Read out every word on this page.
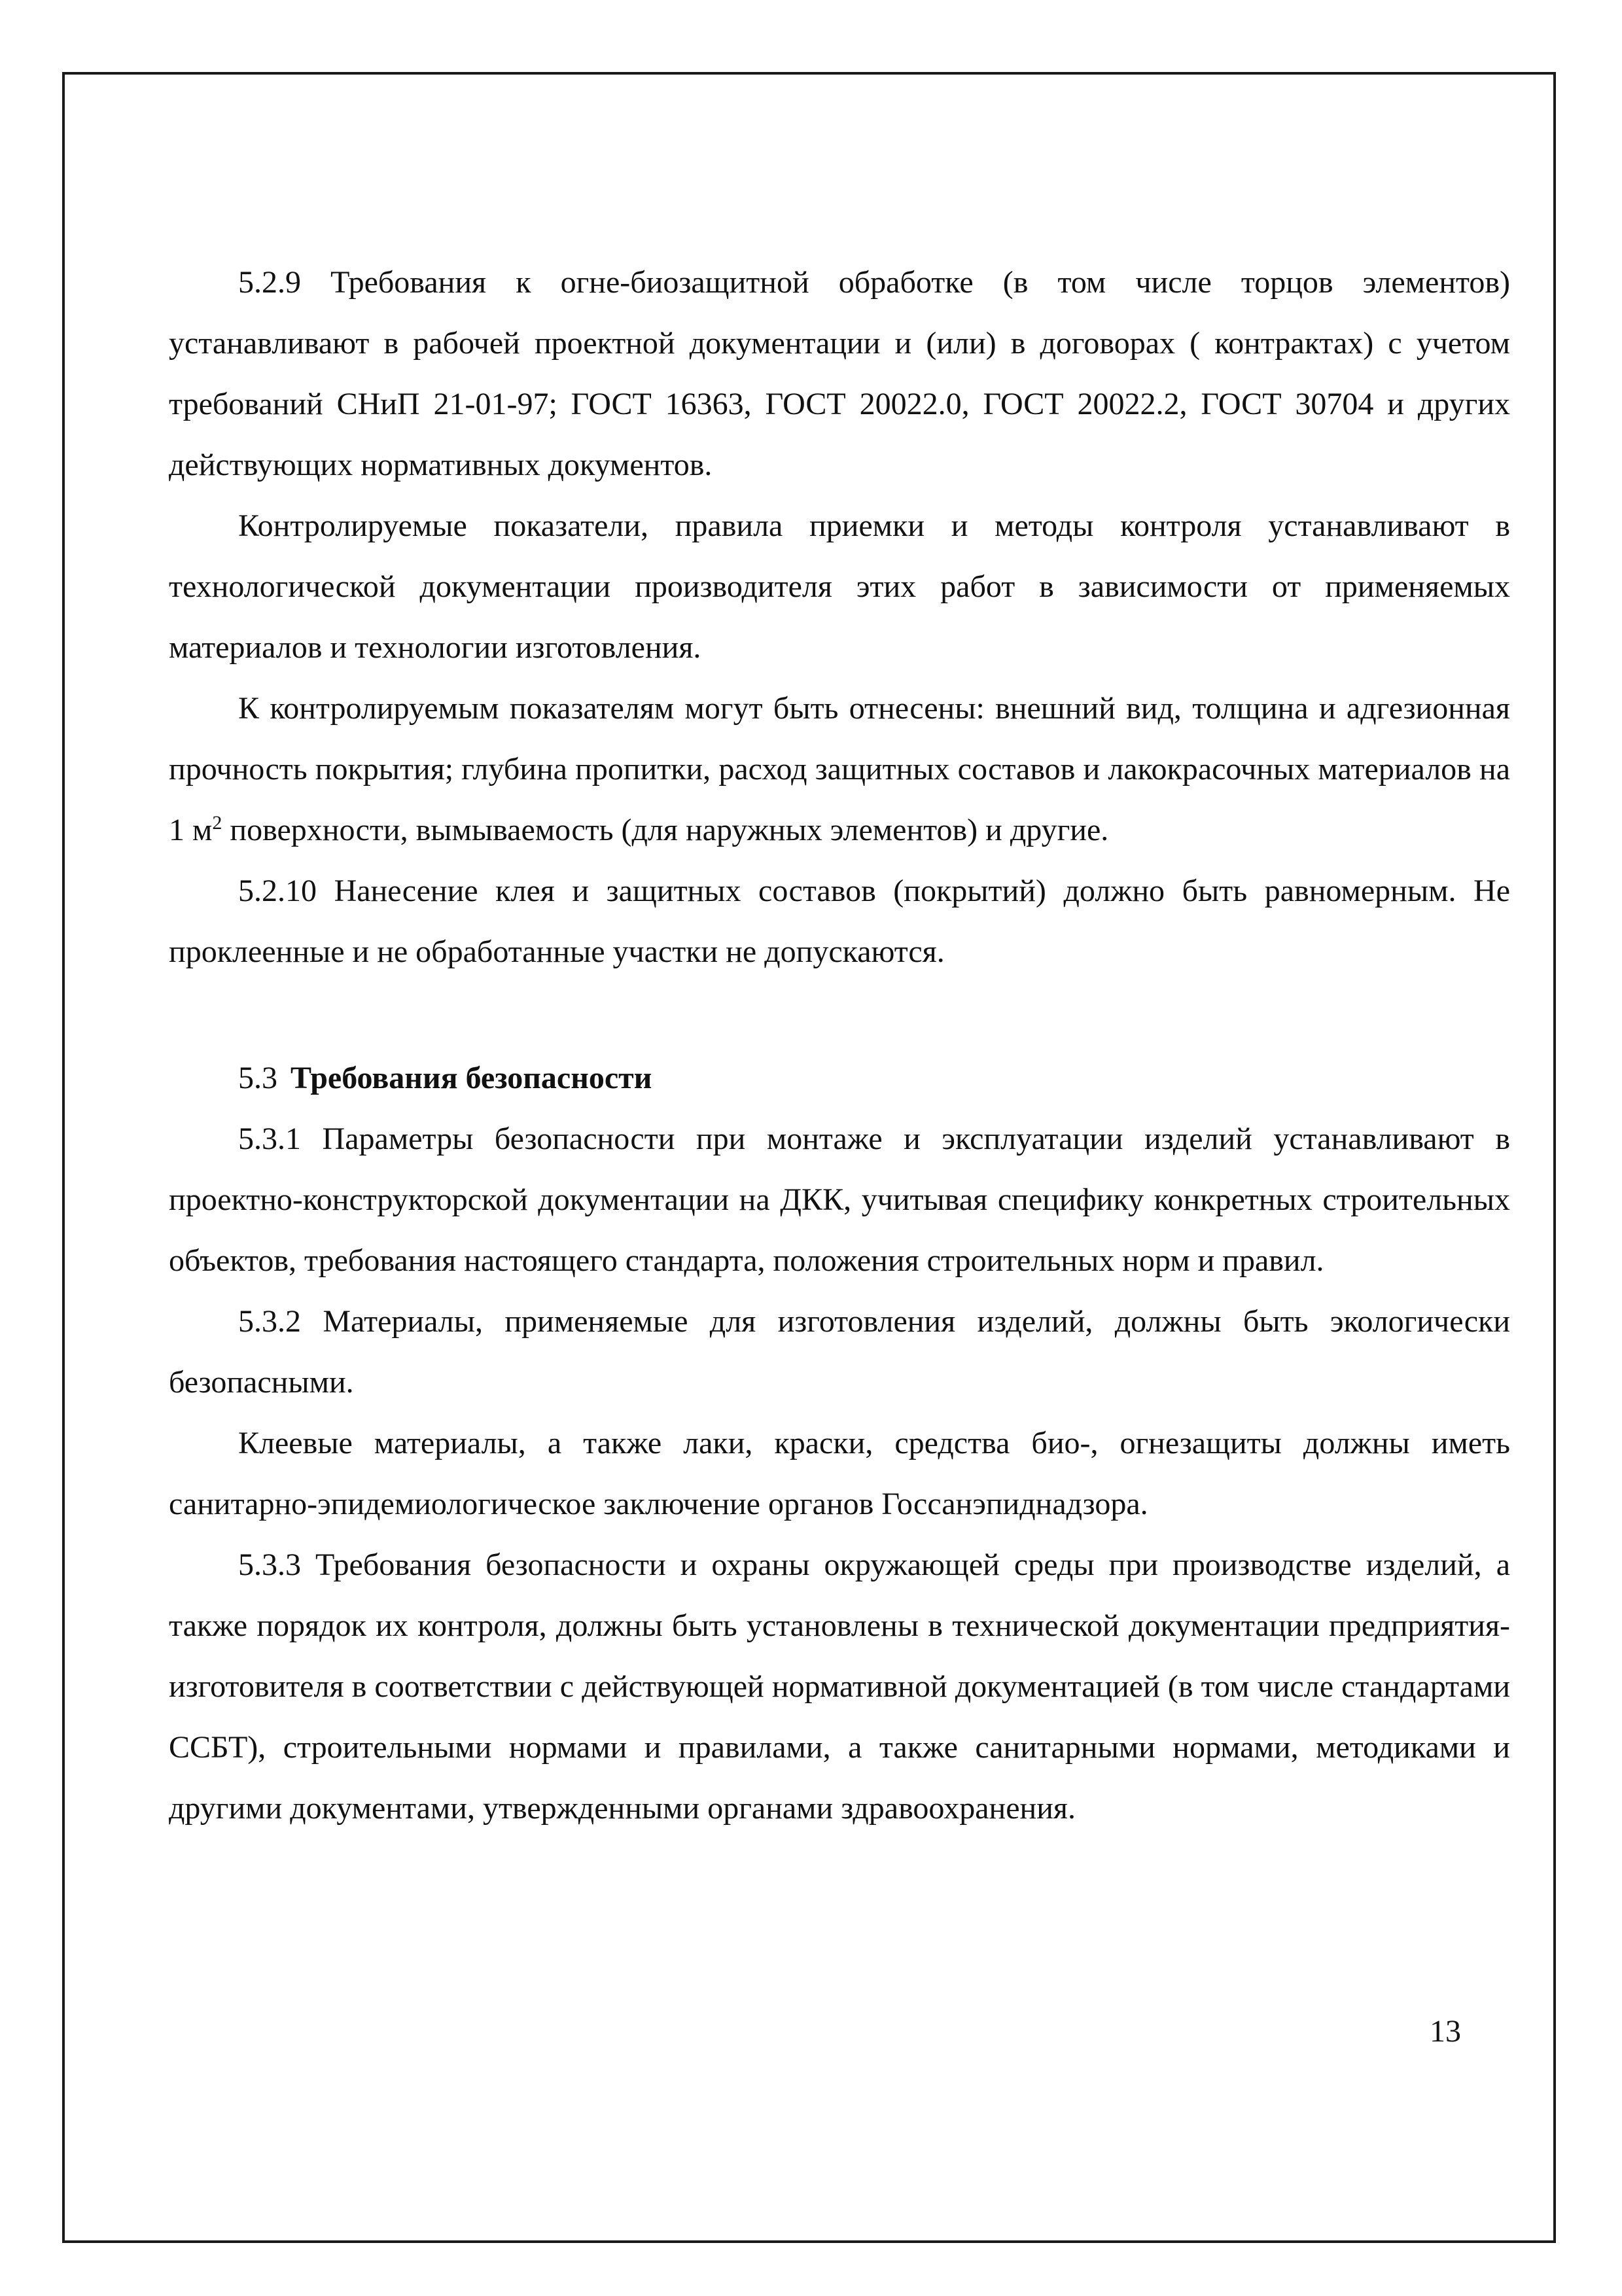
5.2.9 Требования к огне-биозащитной обработке (в том числе торцов элементов) устанавливают в рабочей проектной документации и (или) в договорах ( контрактах) с учетом требований СНиП 21-01-97; ГОСТ 16363, ГОСТ 20022.0, ГОСТ 20022.2, ГОСТ 30704 и других действующих нормативных документов.

Контролируемые показатели, правила приемки и методы контроля устанавливают в технологической документации производителя этих работ в зависимости от применяемых материалов и технологии изготовления.

К контролируемым показателям могут быть отнесены: внешний вид, толщина и адгезионная прочность покрытия; глубина пропитки, расход защитных составов и лакокрасочных материалов на 1 $м^2$ поверхности, вымываемость (для наружных элементов) и другие.

5.2.10 Нанесение клея и защитных составов (покрытий) должно быть равномерным. Не проклеенные и не обработанные участки не допускаются.

5.3 Требования безопасности

5.3.1 Параметры безопасности при монтаже и эксплуатации изделий устанавливают в проектно-конструкторской документации на ДКК, учитывая специфику конкретных строительных объектов, требования настоящего стандарта, положения строительных норм и правил.

5.3.2 Материалы, применяемые для изготовления изделий, должны быть экологически безопасными.

Клеевые материалы, а также лаки, краски, средства био-, огнезащиты должны иметь санитарно-эпидемиологическое заключение органов Госсанэпиднадзора.

5.3.3 Требования безопасности и охраны окружающей среды при производстве изделий, а также порядок их контроля, должны быть установлены в технической документации предприятия-изготовителя в соответствии с действующей нормативной документацией (в том числе стандартами ССБТ), строительными нормами и правилами, а также санитарными нормами, методиками и другими документами, утвержденными органами здравоохранения.

13
